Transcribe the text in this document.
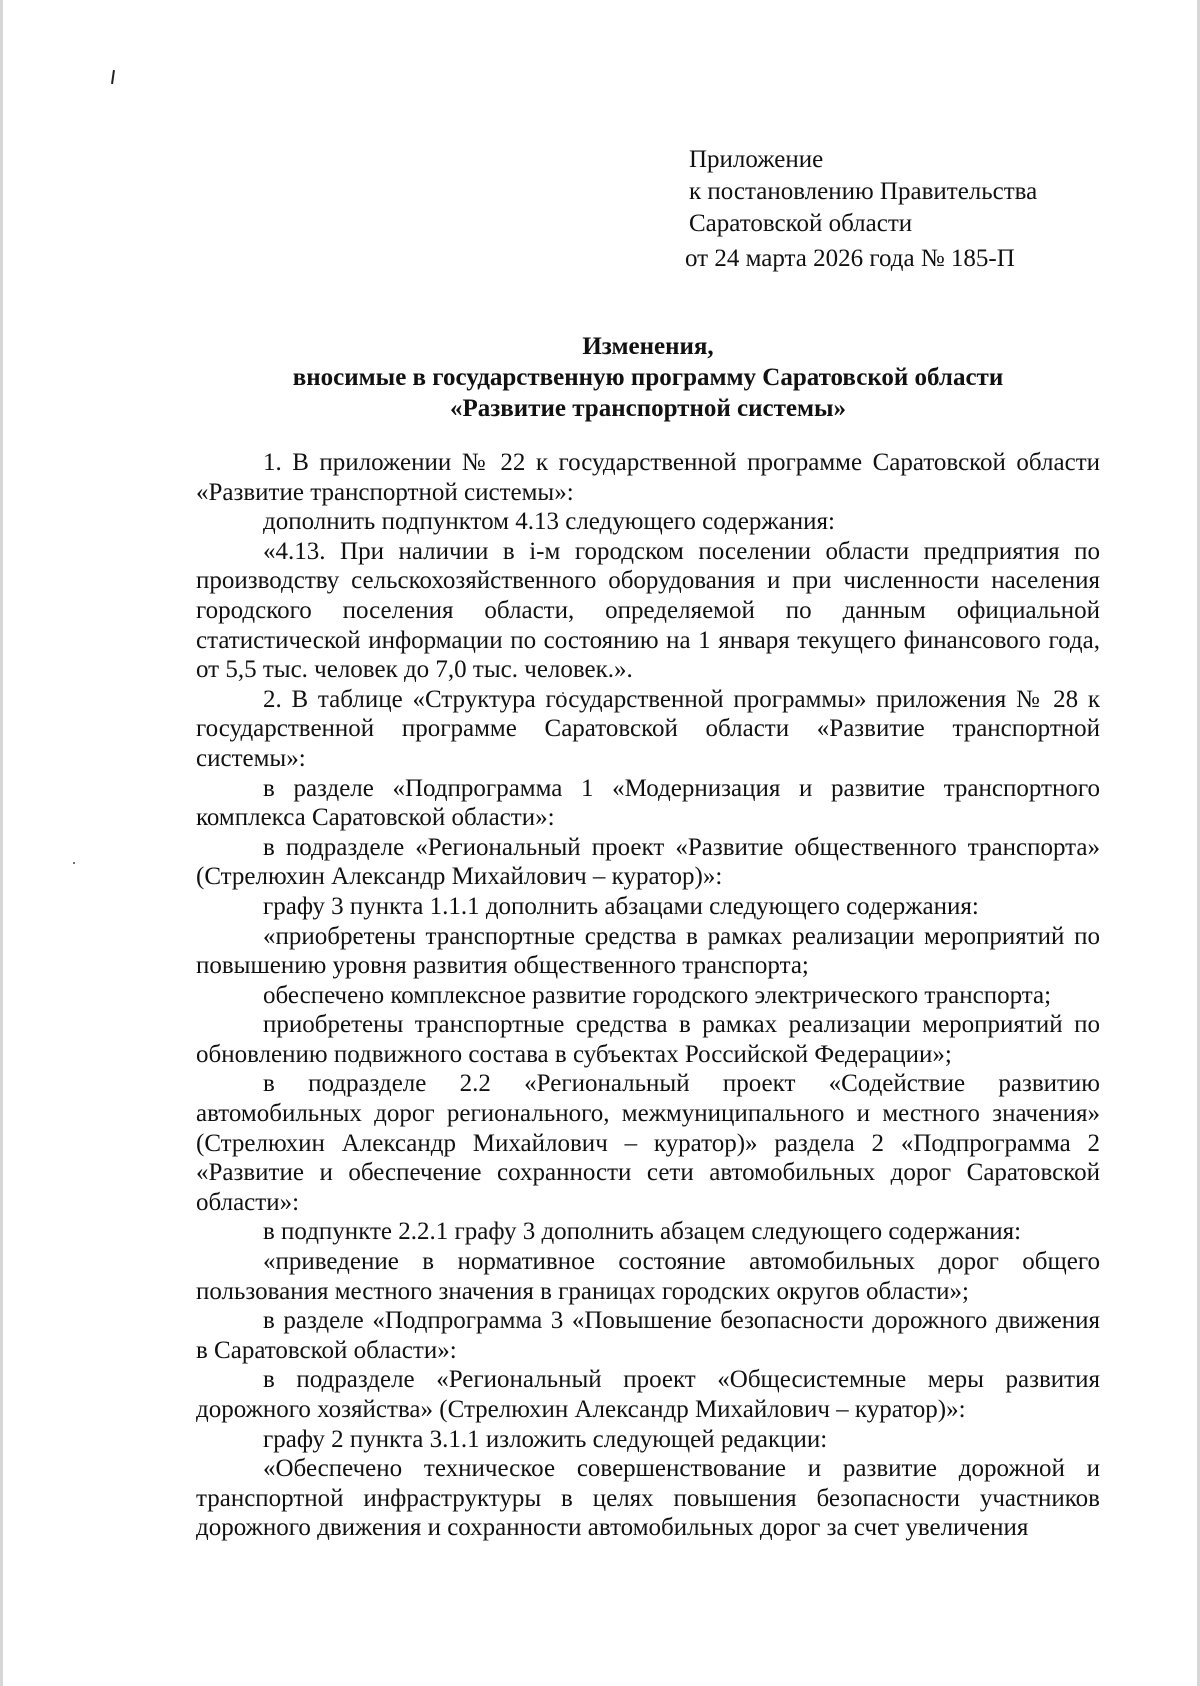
Приложение
к постановлению Правительства
Саратовской области
от 24 марта 2026 года № 185-П
Изменения,
вносимые в государственную программу Саратовской области
«Развитие транспортной системы»

1. В приложении № 22 к государственной программе Саратовской области «Развитие транспортной системы»:

дополнить подпунктом 4.13 следующего содержания:

«4.13. При наличии в i-м городском поселении области предприятия по производству сельскохозяйственного оборудования и при численности населения городского поселения области, определяемой по данным официальной статистической информации по состоянию на 1 января текущего финансового года, от 5,5 тыс. человек до 7,0 тыс. человек.».

2. В таблице «Структура государственной программы» приложения № 28 к государственной программе Саратовской области «Развитие транспортной системы»:

в разделе «Подпрограмма 1 «Модернизация и развитие транспортного комплекса Саратовской области»:

в подразделе «Региональный проект «Развитие общественного транспорта» (Стрелюхин Александр Михайлович – куратор)»:

графу 3 пункта 1.1.1 дополнить абзацами следующего содержания:

«приобретены транспортные средства в рамках реализации мероприятий по повышению уровня развития общественного транспорта;

обеспечено комплексное развитие городского электрического транспорта;

приобретены транспортные средства в рамках реализации мероприятий по обновлению подвижного состава в субъектах Российской Федерации»;

в подразделе 2.2 «Региональный проект «Содействие развитию автомобильных дорог регионального, межмуниципального и местного значения» (Стрелюхин Александр Михайлович – куратор)» раздела 2 «Подпрограмма 2 «Развитие и обеспечение сохранности сети автомобильных дорог Саратовской области»:

в подпункте 2.2.1 графу 3 дополнить абзацем следующего содержания:

«приведение в нормативное состояние автомобильных дорог общего пользования местного значения в границах городских округов области»;

в разделе «Подпрограмма 3 «Повышение безопасности дорожного движения в Саратовской области»:

в подразделе «Региональный проект «Общесистемные меры развития дорожного хозяйства» (Стрелюхин Александр Михайлович – куратор)»:

графу 2 пункта 3.1.1 изложить следующей редакции:

«Обеспечено техническое совершенствование и развитие дорожной и транспортной инфраструктуры в целях повышения безопасности участников дорожного движения и сохранности автомобильных дорог за счет увеличения
